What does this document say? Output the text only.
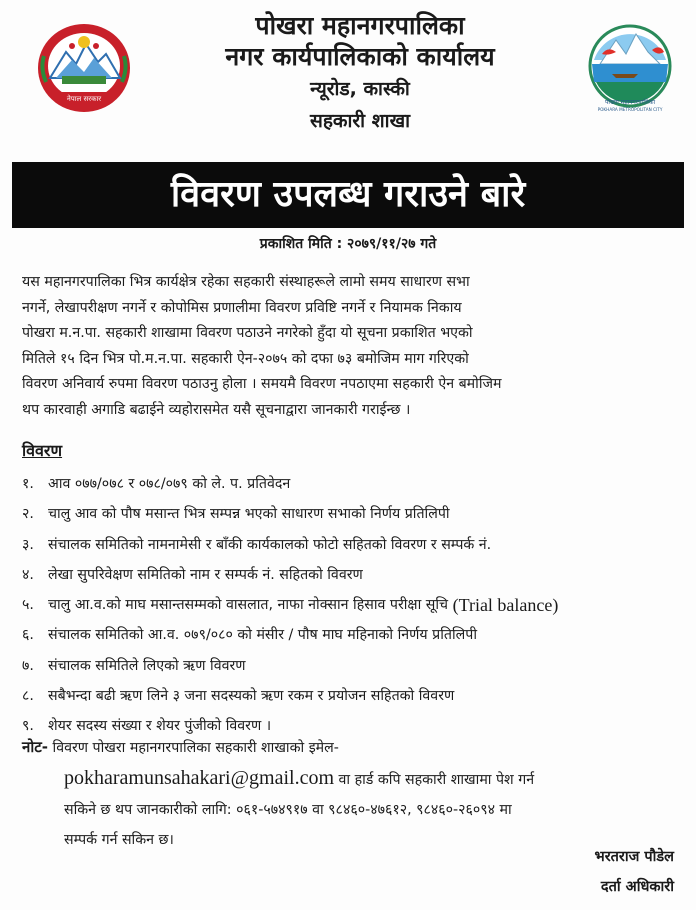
नेपाल सरकार
पोखरा महानगरपालिका
नगर कार्यपालिकाको कार्यालय
न्यूरोड, कास्की
सहकारी शाखा
पोखरा महानगरपालिका
POKHARA METROPOLITAN CITY
विवरण उपलब्ध गराउने बारे
प्रकाशित मिति : २०७९/११/२७ गते
यस महानगरपालिका भित्र कार्यक्षेत्र रहेका सहकारी संस्थाहरूले लामो समय साधारण सभा
नगर्ने, लेखापरीक्षण नगर्ने र कोपोमिस प्रणालीमा विवरण प्रविष्टि नगर्ने र नियामक निकाय
पोखरा म.न.पा. सहकारी शाखामा विवरण पठाउने नगरेको हुँदा यो सूचना प्रकाशित भएको
मितिले १५ दिन भित्र पो.म.न.पा. सहकारी ऐन-२०७५ को दफा ७३ बमोजिम माग गरिएको
विवरण अनिवार्य रुपमा विवरण पठाउनु होला । समयमै विवरण नपठाएमा सहकारी ऐन बमोजिम
थप कारवाही अगाडि बढाईने व्यहोरासमेत यसै सूचनाद्वारा जानकारी गराईन्छ ।
विवरण
१. आव ०७७/०७८ र ०७८/०७९ को ले. प. प्रतिवेदन
२. चालु आव को पौष मसान्त भित्र सम्पन्न भएको साधारण सभाको निर्णय प्रतिलिपी
३. संचालक समितिको नामनामेसी र बाँकी कार्यकालको फोटो सहितको विवरण र सम्पर्क नं.
४. लेखा सुपरिवेक्षण समितिको नाम र सम्पर्क नं. सहितको विवरण
५. चालु आ.व.को माघ मसान्तसम्मको वासलात, नाफा नोक्सान हिसाव परीक्षा सूचि
(Trial balance)
६. संचालक समितिको आ.व. ०७९/०८० को मंसीर / पौष माघ महिनाको निर्णय प्रतिलिपी
७. संचालक समितिले लिएको ऋण विवरण
८. सबैभन्दा बढी ऋण लिने ३ जना सदस्यको ऋण रकम र प्रयोजन सहितको विवरण
९. शेयर सदस्य संख्या र शेयर पुंजीको विवरण ।
नोट- विवरण पोखरा महानगरपालिका सहकारी शाखाको इमेल-
pokharamunsahakari@gmail.com वा हार्ड कपि सहकारी शाखामा पेश गर्न
सकिने छ थप जानकारीको लागि: ०६१-५७४९१७ वा ९८४६०-४७६१२, ९८४६०-२६०९४ मा
सम्पर्क गर्न सकिन छ।
भरतराज पौडेल
दर्ता अधिकारी
